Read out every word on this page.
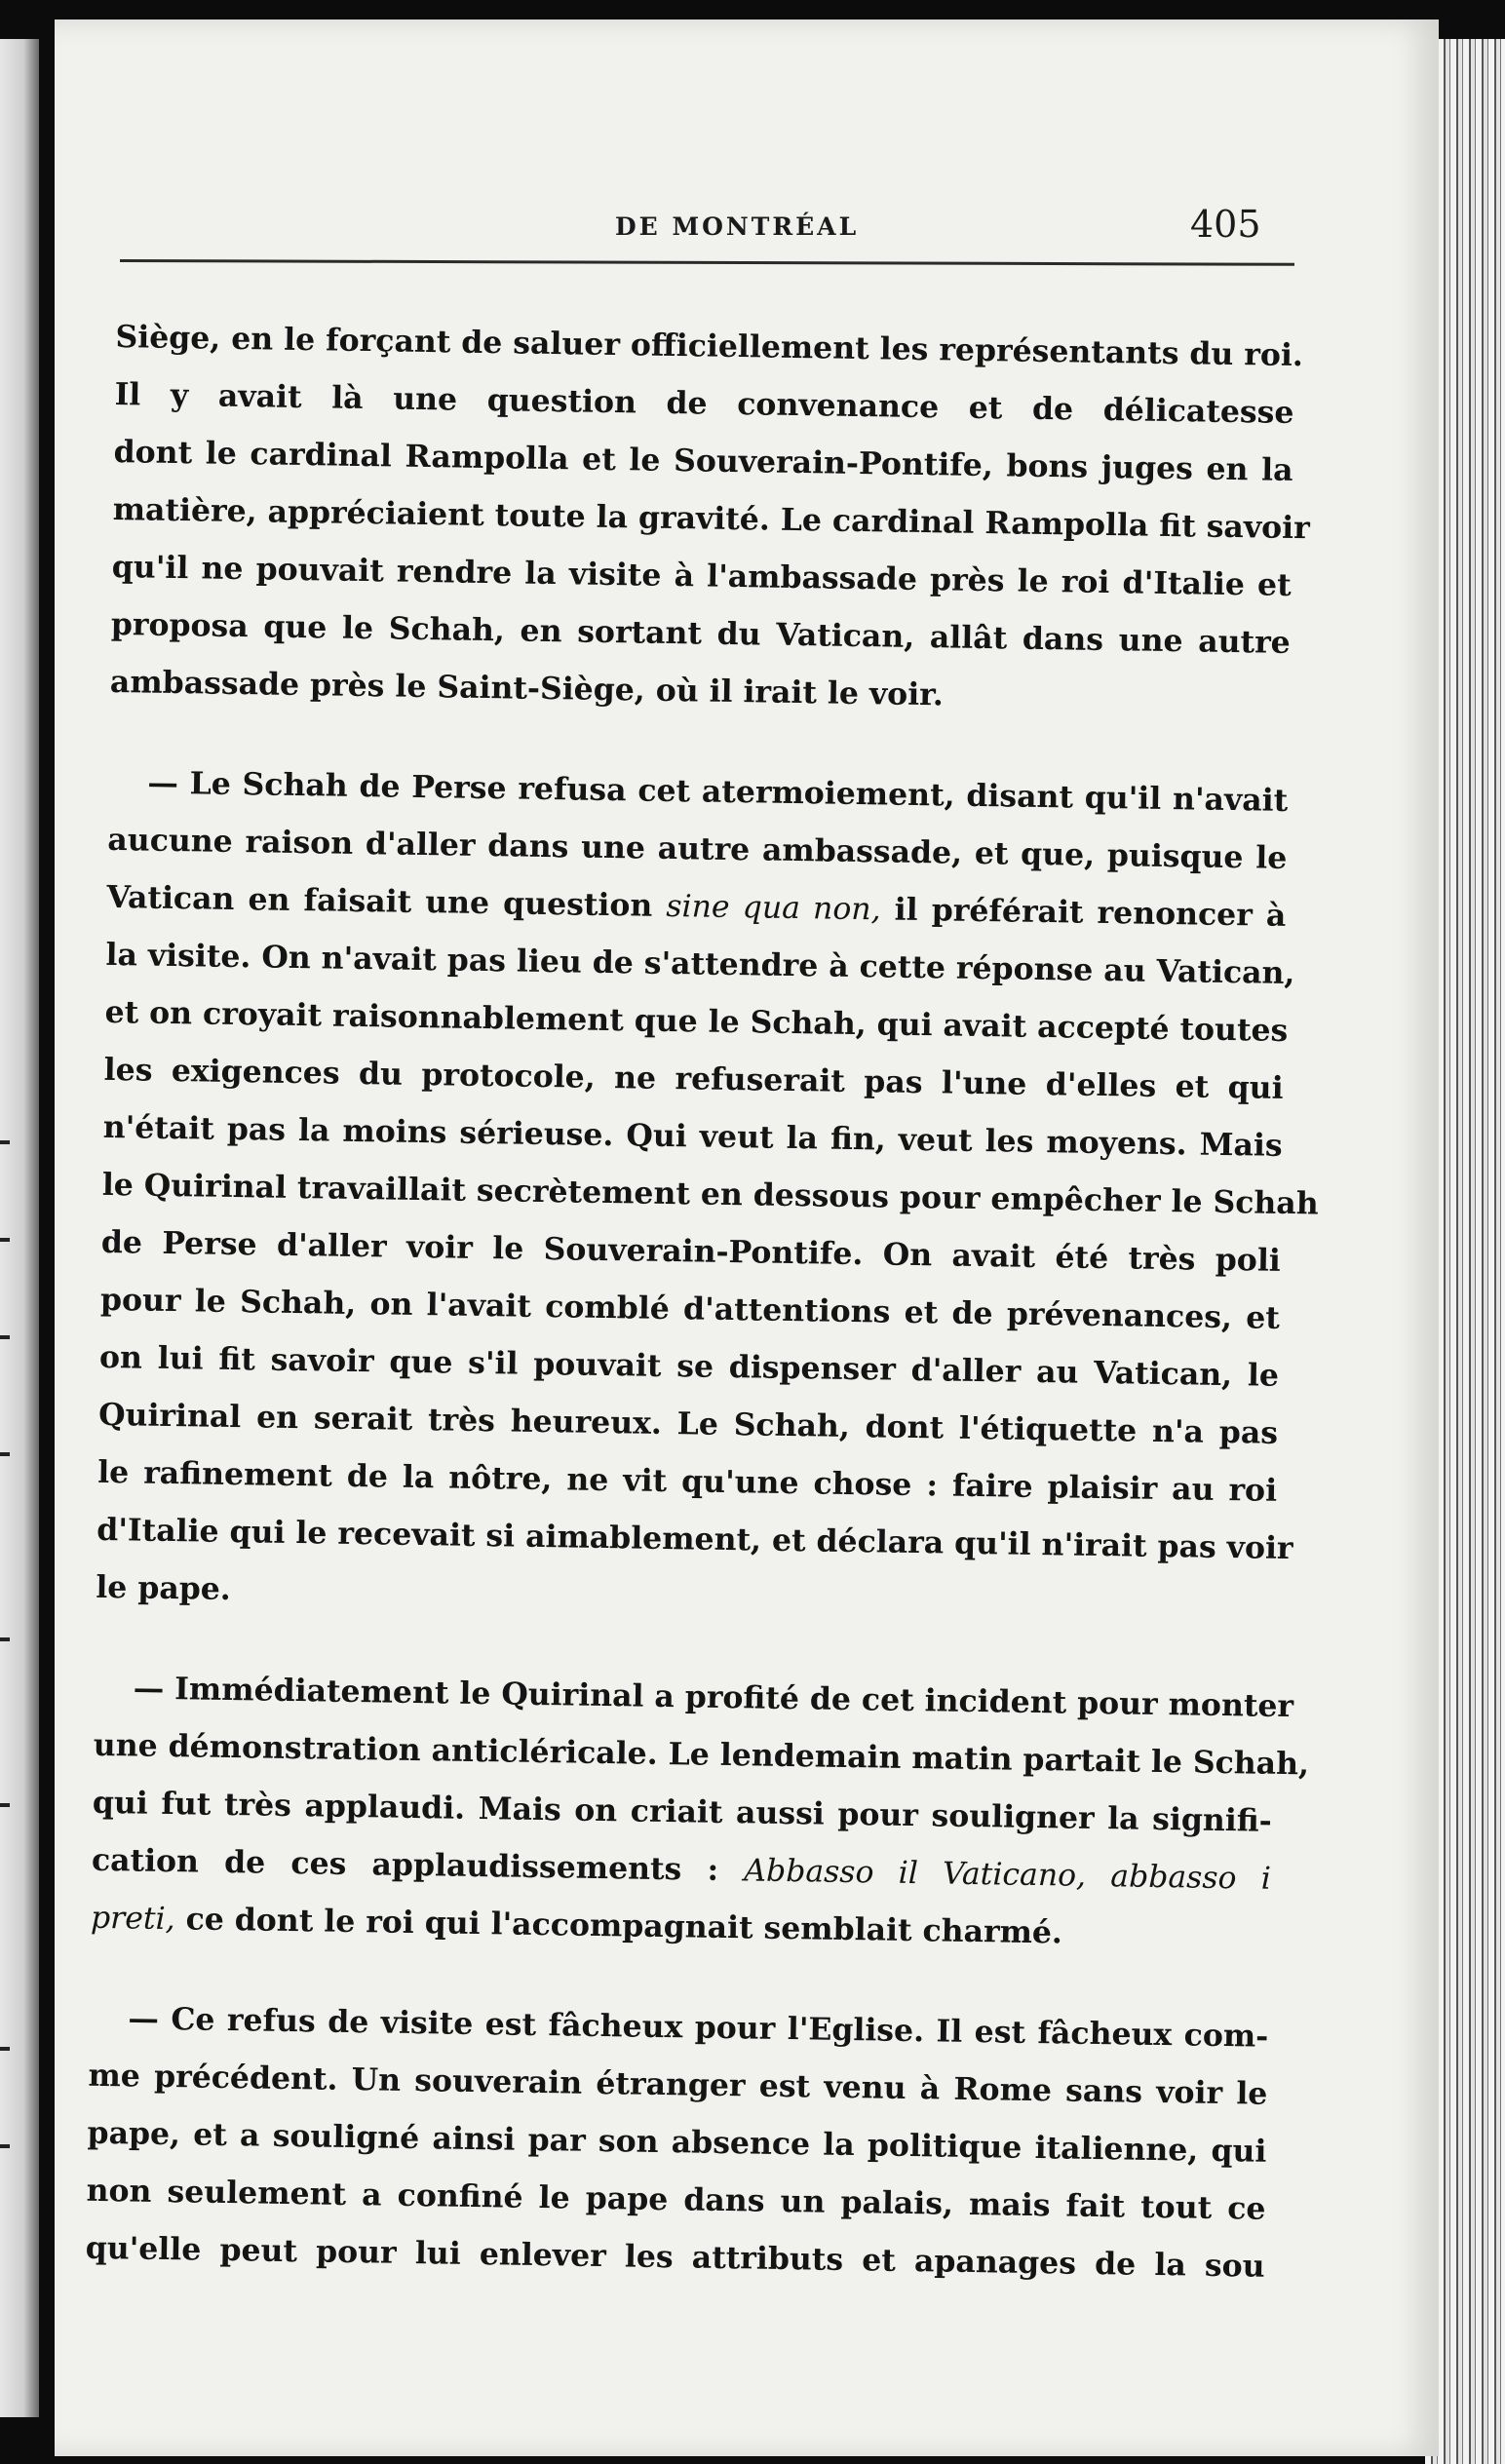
DE MONTRÉAL	405
Siège, en le forçant de saluer officiellement les représentants du roi.
Il y avait là une question de convenance et de délicatesse
dont le cardinal Rampolla et le Souverain-Pontife, bons juges en la
matière, appréciaient toute la gravité. Le cardinal Rampolla fit savoir
qu'il ne pouvait rendre la visite à l'ambassade près le roi d'Italie et
proposa que le Schah, en sortant du Vatican, allât dans une autre
ambassade près le Saint-Siège, où il irait le voir.
— Le Schah de Perse refusa cet atermoiement, disant qu'il n'avait
aucune raison d'aller dans une autre ambassade, et que, puisque le
Vatican en faisait une question sine qua non, il préférait renoncer à
la visite. On n'avait pas lieu de s'attendre à cette réponse au Vatican,
et on croyait raisonnablement que le Schah, qui avait accepté toutes
les exigences du protocole, ne refuserait pas l'une d'elles et qui
n'était pas la moins sérieuse. Qui veut la fin, veut les moyens. Mais
le Quirinal travaillait secrètement en dessous pour empêcher le Schah
de Perse d'aller voir le Souverain-Pontife. On avait été très poli
pour le Schah, on l'avait comblé d'attentions et de prévenances, et
on lui fit savoir que s'il pouvait se dispenser d'aller au Vatican, le
Quirinal en serait très heureux. Le Schah, dont l'étiquette n'a pas
le rafinement de la nôtre, ne vit qu'une chose : faire plaisir au roi
d'Italie qui le recevait si aimablement, et déclara qu'il n'irait pas voir
le pape.
— Immédiatement le Quirinal a profité de cet incident pour monter
une démonstration anticléricale. Le lendemain matin partait le Schah,
qui fut très applaudi. Mais on criait aussi pour souligner la signifi-
cation de ces applaudissements : Abbasso il Vaticano, abbasso i
preti, ce dont le roi qui l'accompagnait semblait charmé.
— Ce refus de visite est fâcheux pour l'Eglise. Il est fâcheux com-
me précédent. Un souverain étranger est venu à Rome sans voir le
pape, et a souligné ainsi par son absence la politique italienne, qui
non seulement a confiné le pape dans un palais, mais fait tout ce
qu'elle peut pour lui enlever les attributs et apanages de la sou
